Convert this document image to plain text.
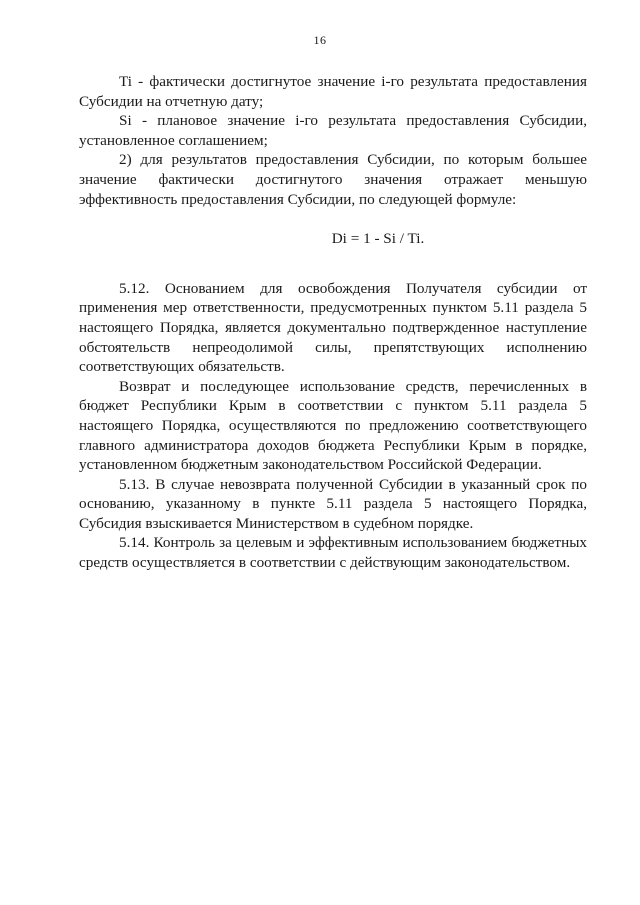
16

Ti - фактически достигнутое значение i-го результата предоставления Субсидии на отчетную дату;

Si - плановое значение i-го результата предоставления Субсидии, установленное соглашением;

2) для результатов предоставления Субсидии, по которым большее значение фактически достигнутого значения отражает меньшую эффективность предоставления Субсидии, по следующей формуле:

Di = 1 - Si / Ti.

5.12. Основанием для освобождения Получателя субсидии от применения мер ответственности, предусмотренных пунктом 5.11 раздела 5 настоящего Порядка, является документально подтвержденное наступление обстоятельств непреодолимой силы, препятствующих исполнению соответствующих обязательств.

Возврат и последующее использование средств, перечисленных в бюджет Республики Крым в соответствии с пунктом 5.11 раздела 5 настоящего Порядка, осуществляются по предложению соответствующего главного администратора доходов бюджета Республики Крым в порядке, установленном бюджетным законодательством Российской Федерации.

5.13. В случае невозврата полученной Субсидии в указанный срок по основанию, указанному в пункте 5.11 раздела 5 настоящего Порядка, Субсидия взыскивается Министерством в судебном порядке.

5.14. Контроль за целевым и эффективным использованием бюджетных средств осуществляется в соответствии с действующим законодательством.
